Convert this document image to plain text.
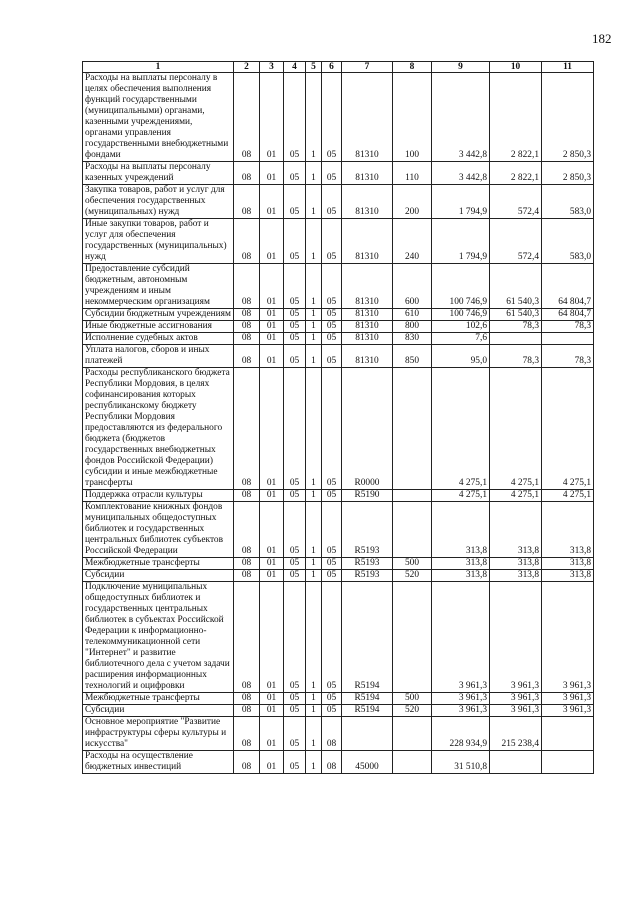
182
1	2	3	4	5	6	7	8	9	10	11
Расходы на выплаты персоналу в целях обеспечения выполнения функций государственными (муниципальными) органами, казенными учреждениями, органами управления государственными внебюджетными фондами	08	01	05	1	05	81310	100	3 442,8	2 822,1	2 850,3
Расходы на выплаты персоналу казенных учреждений	08	01	05	1	05	81310	110	3 442,8	2 822,1	2 850,3
Закупка товаров, работ и услуг для обеспечения государственных (муниципальных) нужд	08	01	05	1	05	81310	200	1 794,9	572,4	583,0
Иные закупки товаров, работ и услуг для обеспечения государственных (муниципальных) нужд	08	01	05	1	05	81310	240	1 794,9	572,4	583,0
Предоставление субсидий бюджетным, автономным учреждениям и иным некоммерческим организациям	08	01	05	1	05	81310	600	100 746,9	61 540,3	64 804,7
Субсидии бюджетным учреждениям	08	01	05	1	05	81310	610	100 746,9	61 540,3	64 804,7
Иные бюджетные ассигнования	08	01	05	1	05	81310	800	102,6	78,3	78,3
Исполнение судебных актов	08	01	05	1	05	81310	830	7,6		
Уплата налогов, сборов и иных платежей	08	01	05	1	05	81310	850	95,0	78,3	78,3
Расходы республиканского бюджета Республики Мордовия, в целях софинансирования которых республиканскому бюджету Республики Мордовия предоставляются из федерального бюджета (бюджетов государственных внебюджетных фондов Российской Федерации) субсидии и иные межбюджетные трансферты	08	01	05	1	05	R0000		4 275,1	4 275,1	4 275,1
Поддержка отрасли культуры	08	01	05	1	05	R5190		4 275,1	4 275,1	4 275,1
Комплектование книжных фондов муниципальных общедоступных библиотек и государственных центральных библиотек субъектов Российской Федерации	08	01	05	1	05	R5193		313,8	313,8	313,8
Межбюджетные трансферты	08	01	05	1	05	R5193	500	313,8	313,8	313,8
Субсидии	08	01	05	1	05	R5193	520	313,8	313,8	313,8
Подключение муниципальных общедоступных библиотек и государственных центральных библиотек в субъектах Российской Федерации к информационно-телекоммуникационной сети "Интернет" и развитие библиотечного дела с учетом задачи расширения информационных технологий и оцифровки	08	01	05	1	05	R5194		3 961,3	3 961,3	3 961,3
Межбюджетные трансферты	08	01	05	1	05	R5194	500	3 961,3	3 961,3	3 961,3
Субсидии	08	01	05	1	05	R5194	520	3 961,3	3 961,3	3 961,3
Основное мероприятие "Развитие инфраструктуры сферы культуры и искусства"	08	01	05	1	08			228 934,9	215 238,4	
Расходы на осуществление бюджетных инвестиций	08	01	05	1	08	45000		31 510,8		
